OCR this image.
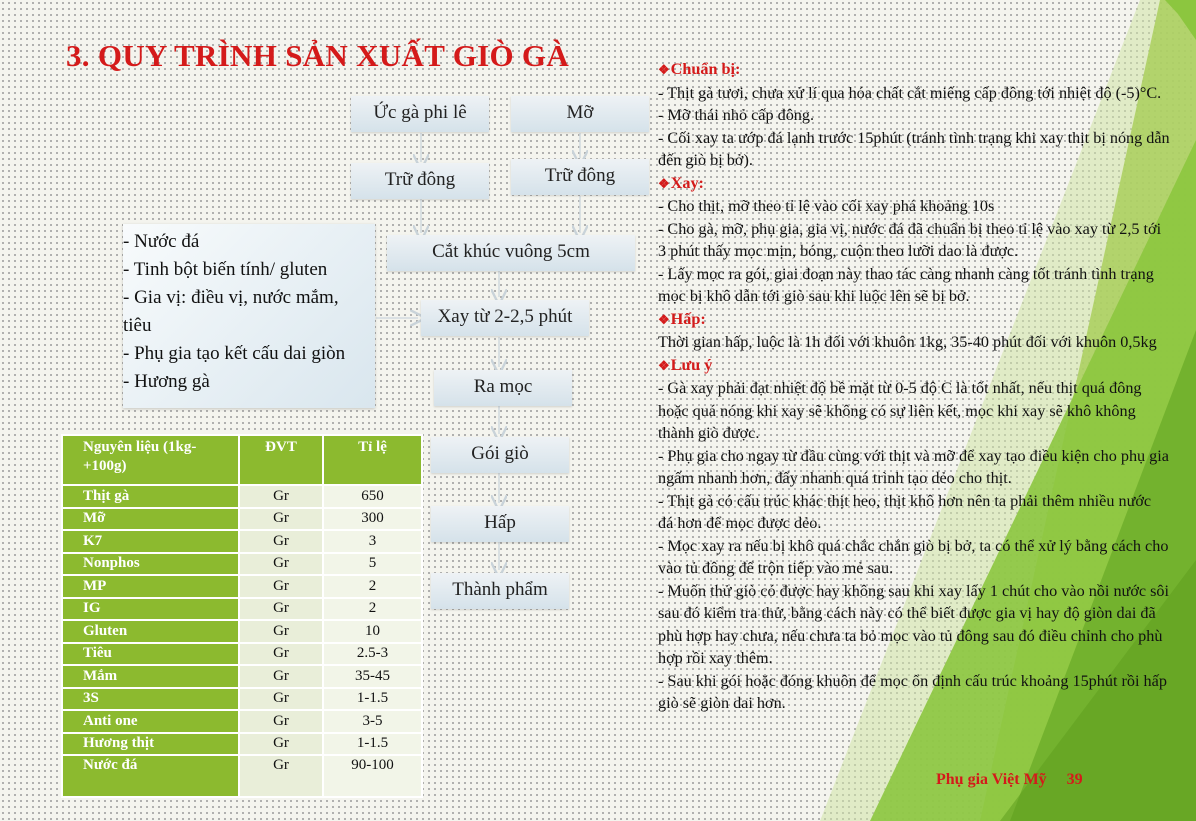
3. QUY TRÌNH SẢN XUẤT GIÒ GÀ
Ức gà phi lê	Mỡ
Trữ đông	Trữ đông
Cắt khúc vuông 5cm
Xay từ 2-2,5 phút
Ra mọc
Gói giò
Hấp
Thành phẩm
- Nước đá
- Tinh bột biến tính/ gluten
- Gia vị: điều vị, nước mắm,
tiêu
- Phụ gia tạo kết cấu dai giòn
- Hương gà
Nguyên liệu (1kg-+100g)	ĐVT	Tỉ lệ
Thịt gà	Gr	650
Mỡ	Gr	300
K7	Gr	3
Nonphos	Gr	5
MP	Gr	2
IG	Gr	2
Gluten	Gr	10
Tiêu	Gr	2.5-3
Mắm	Gr	35-45
3S	Gr	1-1.5
Anti one	Gr	3-5
Hương thịt	Gr	1-1.5
Nước đá	Gr	90-100
❖Chuẩn bị:
- Thịt gà tươi, chưa xử lí qua hóa chất cắt miếng cấp đông tới nhiệt độ (-5)°C.
- Mỡ thái nhỏ cấp đông.
- Cối xay ta ướp đá lạnh trước 15phút (tránh tình trạng khi xay thịt bị nóng dẫn đến giò bị bở).
❖Xay:
- Cho thịt, mỡ theo tỉ lệ vào cối xay phá khoảng 10s
- Cho gà, mỡ, phụ gia, gia vị, nước đá đã chuẩn bị theo tỉ lệ vào xay từ 2,5 tới 3 phút thấy mọc mịn, bóng, cuộn theo lưỡi dao là được.
- Lấy mọc ra gói, giai đoạn này thao tác càng nhanh càng tốt tránh tình trạng mọc bị khô dẫn tới giò sau khi luộc lên sẽ bị bở.
❖Hấp:
Thời gian hấp, luộc là 1h đối với khuôn 1kg, 35-40 phút đối với khuôn 0,5kg
❖Lưu ý
- Gà xay phải đạt nhiệt độ bề mặt từ 0-5 độ C là tốt nhất, nếu thịt quá đông hoặc quá nóng khi xay sẽ không có sự liên kết, mọc khi xay sẽ khô không thành giò được.
- Phụ gia cho ngay từ đầu cùng với thịt và mỡ để xay tạo điều kiện cho phụ gia ngấm nhanh hơn, đẩy nhanh quá trình tạo dẻo cho thịt.
- Thịt gà có cấu trúc khác thịt heo, thịt khô hơn nên ta phải thêm nhiều nước đá hơn để mọc được dẻo.
- Mọc xay ra nếu bị khô quá chắc chắn giò bị bở, ta có thể xử lý bằng cách cho vào tủ đông để trộn tiếp vào mẻ sau.
- Muốn thử giò có được hay không sau khi xay lấy 1 chút cho vào nồi nước sôi sau đó kiểm tra thử, bằng cách này có thể biết được gia vị hay độ giòn dai đã phù hợp hay chưa, nếu chưa ta bỏ mọc vào tủ đông sau đó điều chỉnh cho phù hợp rồi xay thêm.
- Sau khi gói hoặc đóng khuôn để mọc ổn định cấu trúc khoảng 15phút rồi hấp giò sẽ giòn dai hơn.
Phụ gia Việt Mỹ 39
